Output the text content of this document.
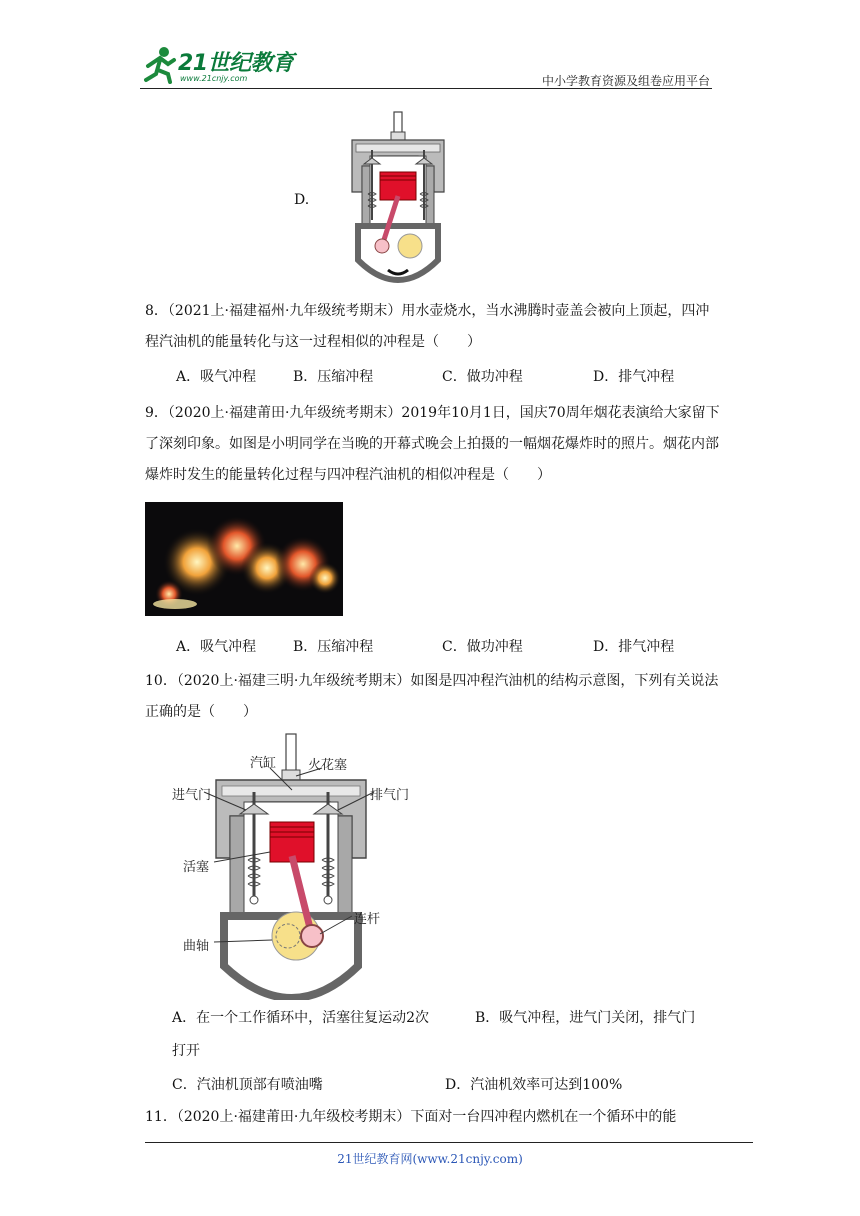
21世纪教育
www.21cnjy.com	中小学教育资源及组卷应用平台
D.
8．（2021上·福建福州·九年级统考期末）用水壶烧水，当水沸腾时壶盖会被向上顶起，四冲程汽油机的能量转化与这一过程相似的冲程是（　　）
A．吸气冲程	B．压缩冲程	C．做功冲程	D．排气冲程
9．（2020上·福建莆田·九年级统考期末）2019年10月1日，国庆70周年烟花表演给大家留下了深刻印象。如图是小明同学在当晚的开幕式晚会上拍摄的一幅烟花爆炸时的照片。烟花内部爆炸时发生的能量转化过程与四冲程汽油机的相似冲程是（　　）
A．吸气冲程	B．压缩冲程	C．做功冲程	D．排气冲程
10．（2020上·福建三明·九年级统考期末）如图是四冲程汽油机的结构示意图，下列有关说法正确的是（　　）
汽缸 火花塞
进气门	排气门
活塞
连杆
曲轴
A．在一个工作循环中，活塞往复运动2次	B．吸气冲程，进气门关闭，排气门
打开
C．汽油机顶部有喷油嘴	D．汽油机效率可达到100%
11．（2020上·福建莆田·九年级校考期末）下面对一台四冲程内燃机在一个循环中的能
21世纪教育网(www.21cnjy.com)
